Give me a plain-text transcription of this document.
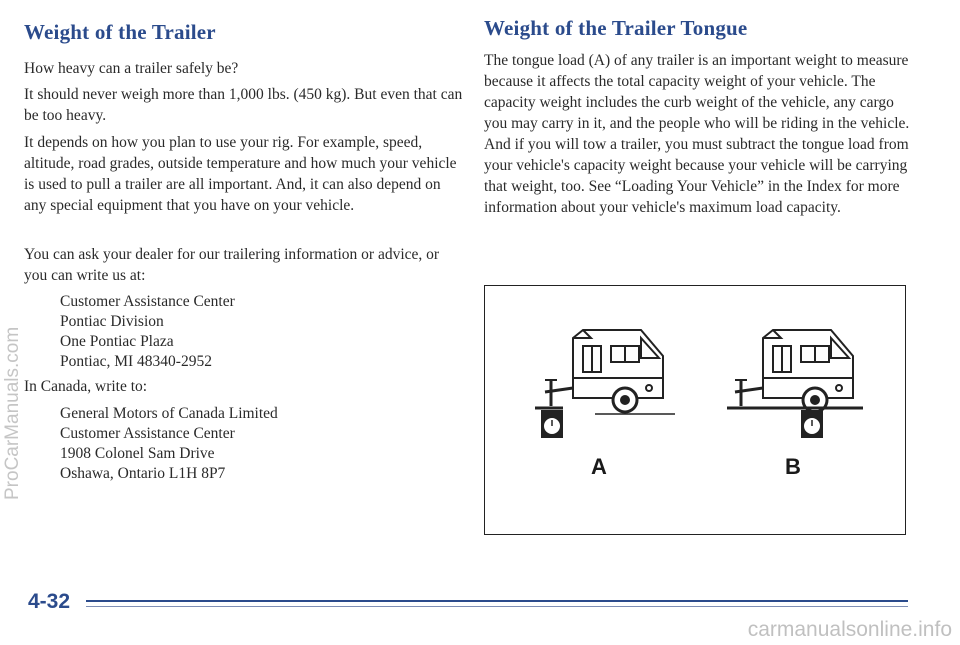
Weight of the Trailer

How heavy can a trailer safely be?

It should never weigh more than 1,000 lbs. (450 kg). But even that can be too heavy.

It depends on how you plan to use your rig. For example, speed, altitude, road grades, outside temperature and how much your vehicle is used to pull a trailer are all important. And, it can also depend on any special equipment that you have on your vehicle.

You can ask your dealer for our trailering information or advice, or you can write us at:

Customer Assistance Center
Pontiac Division
One Pontiac Plaza
Pontiac, MI 48340-2952

In Canada, write to:

General Motors of Canada Limited
Customer Assistance Center
1908 Colonel Sam Drive
Oshawa, Ontario L1H 8P7
Weight of the Trailer Tongue

The tongue load (A) of any trailer is an important weight to measure because it affects the total capacity weight of your vehicle. The capacity weight includes the curb weight of the vehicle, any cargo you may carry in it, and the people who will be riding in the vehicle. And if you will tow a trailer, you must subtract the tongue load from your vehicle's capacity weight because your vehicle will be carrying that weight, too. See “Loading Your Vehicle” in the Index for more information about your vehicle's maximum load capacity.

A	B

4-32

ProCarManuals.com
carmanualsonline.info
